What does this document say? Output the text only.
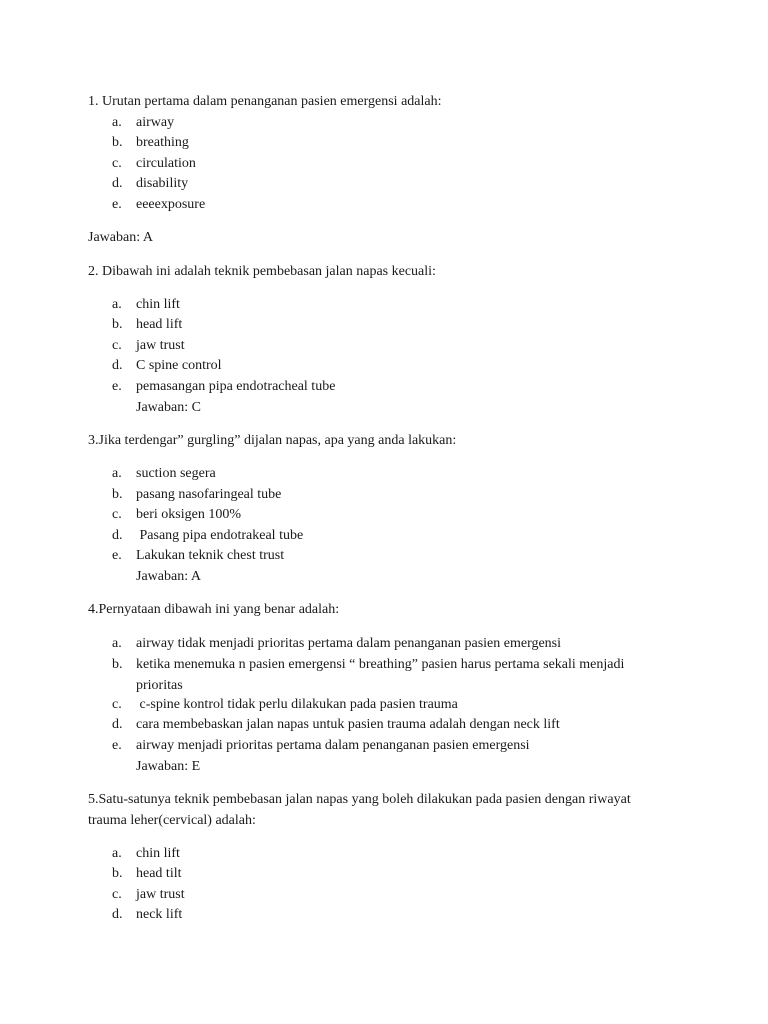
1. Urutan pertama dalam penanganan pasien emergensi adalah:
a.	airway
b. breathing
c.	circulation
d. disability
e.	eeeexposure
Jawaban: A
2. Dibawah ini adalah teknik pembebasan jalan napas kecuali:
a.	chin lift
b. head lift
c.	jaw trust
d. C spine control
e.	pemasangan pipa endotracheal tube
Jawaban: C
3.Jika terdengar” gurgling” dijalan napas, apa yang anda lakukan:
a.	suction segera
b. pasang nasofaringeal tube
c.	beri oksigen 100%
d. Pasang pipa endotrakeal tube
e.	Lakukan teknik chest trust
Jawaban: A
4.Pernyataan dibawah ini yang benar adalah:
a.	airway tidak menjadi prioritas pertama dalam penanganan pasien emergensi
b. ketika menemuka n pasien emergensi “ breathing” pasien harus pertama sekali menjadi
prioritas
c.	c-spine kontrol tidak perlu dilakukan pada pasien trauma
d. cara membebaskan jalan napas untuk pasien trauma adalah dengan neck lift
e.	airway menjadi prioritas pertama dalam penanganan pasien emergensi
Jawaban: E
5.Satu-satunya teknik pembebasan jalan napas yang boleh dilakukan pada pasien dengan riwayat
trauma leher(cervical) adalah:
a.	chin lift
b. head tilt
c.	jaw trust
d. neck lift
